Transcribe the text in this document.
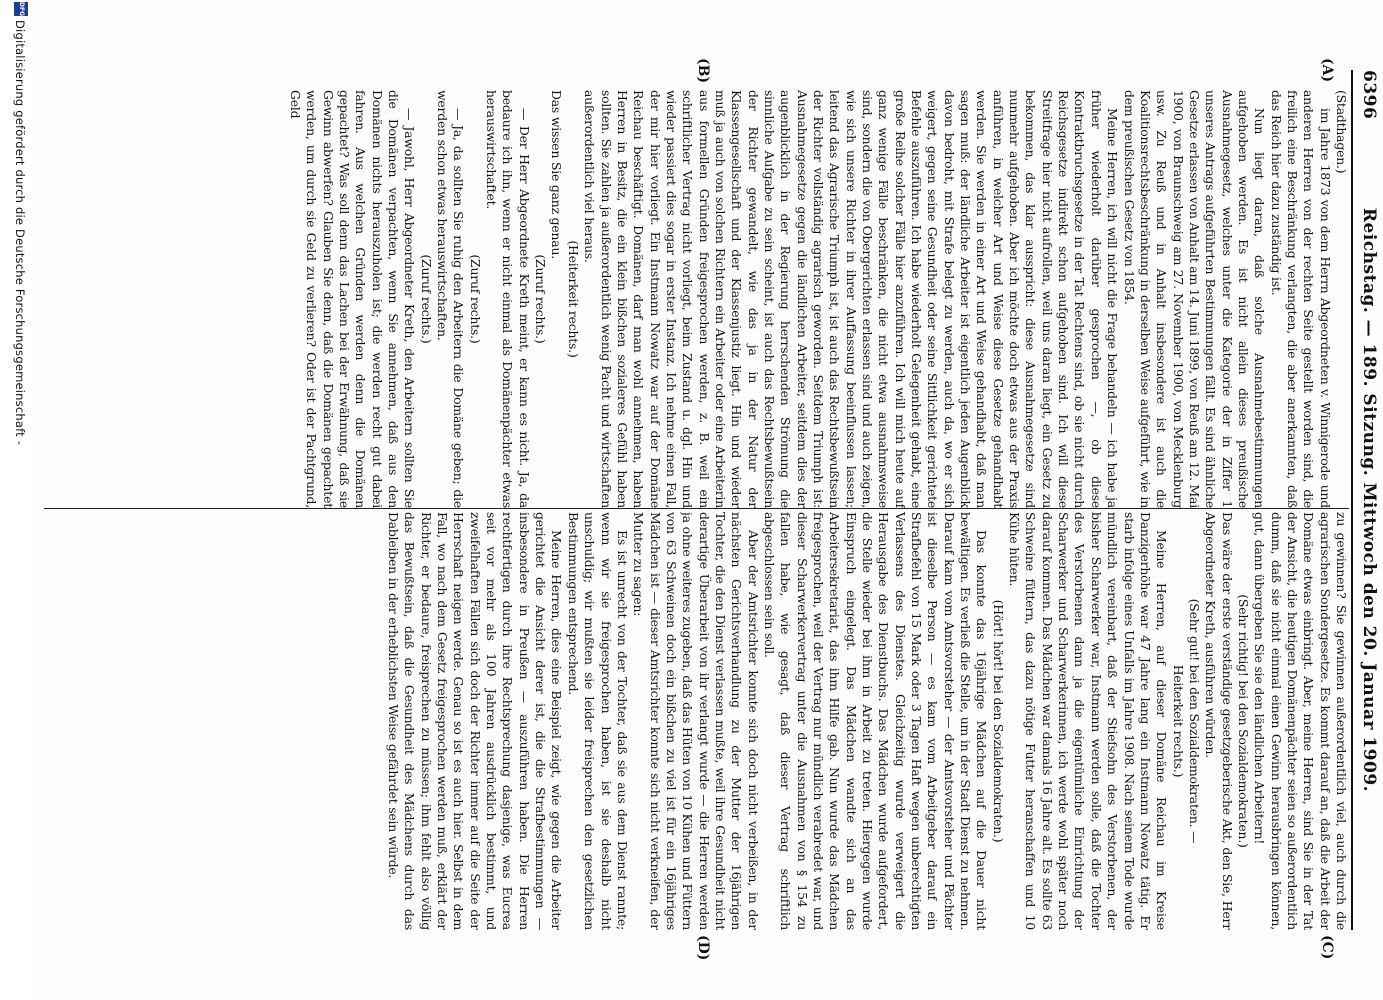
6396
Reichstag. — 189. Sitzung. Mittwoch den 20. Januar 1909.

(Stadthagen.)

im Jahre 1873 von dem Herrn Abgeordneten v. Winnigerode und anderen Herren von der rechten Seite gestellt worden sind, die freilich eine Beschränkung verlangten, die aber anerkannten, daß das Reich hier dazu zuständig ist.

Nun liegt daran, daß solche Ausnahmebestimmungen aufgehoben werden. Es ist nicht allein dieses preußische Ausnahmegesetz, welches unter die Kategorie der in Ziffer 1 unseres Antrags aufgeführten Bestimmungen fällt. Es sind ähnliche Gesetze erlassen von Anhalt am 14. Juni 1899, von Reuß am 12. Mai 1900, von Braunschweig am 27. November 1900, von Mecklenburg usw. Zu Reuß und in Anhalt insbesondere ist auch die Koalitionsrechtsbeschränkung in derselben Weise aufgeführt, wie in dem preußischen Gesetz von 1854.

Meine Herren, ich will nicht die Frage behandeln — ich habe ja früher wiederholt darüber gesprochen —, ob diese Kontraktbruchsgesetze in der Tat Rechtens sind, ob sie nicht durch Reichsgesetze indirekt schon aufgehoben sind. Ich will diese Streitfrage hier nicht aufrollen, weil uns daran liegt, ein Gesetz zu bekommen, das klar ausspricht: diese Ausnahmegesetze sind nunmehr aufgehoben. Aber ich möchte doch etwas aus der Praxis anführen, in welcher Art und Weise diese Gesetze gehandhabt werden. Sie werden in einer Art und Weise gehandhabt, daß man sagen muß: der ländliche Arbeiter ist eigentlich jeden Augenblick davon bedroht, mit Strafe belegt zu werden, auch da, wo er sich weigert, gegen seine Gesundheit oder seine Sittlichkeit gerichtete Befehle auszuführen. Ich habe wiederholt Gelegenheit gehabt, eine große Reihe solcher Fälle hier anzuführen. Ich will mich heute auf ganz wenige Fälle beschränken, die nicht etwa ausnahmsweise sind, sondern die von Obergerichten erlassen sind und auch zeigen, wie sich unsere Richter in ihrer Auffassung beeinflussen lassen; leitend das Agrarische Triumph ist, ist auch das Rechtsbewußtsein der Richter vollständig agrarisch geworden. Seitdem Triumph ist: Ausnahmegesetze gegen die ländlichen Arbeiter, seitdem dies der augenblicklich in der Regierung herrschenden Strömung die sinnliche Aufgabe zu sein scheint, ist auch das Rechtsbewußtsein der Richter gewandelt, wie das ja in der Natur der Klassengesellschaft und der Klassenjustiz liegt. Hin und wieder muß ja auch von solchen Richtern ein Arbeiter oder eine Arbeiterin aus formellen Gründen freigesprochen werden, z. B. weil ein schriftlicher Vertrag nicht vorliegt, beim Zustand u. dgl. Hin und wieder passiert dies sogar in erster Instanz. Ich nehme einen Fall, der mir hier vorliegt. Ein Instmann Nowatz war auf der Domäne Reichau beschäftigt. Domänen, darf man wohl annehmen, haben Herren in Besitz, die ein klein bißchen sozialeres Gefühl haben sollten. Sie zahlen ja außerordentlich wenig Pacht und wirtschaften außerordentlich viel heraus.

(Heiterkeit rechts.)

Das wissen Sie ganz genau.

(Zuruf rechts.)

— Der Herr Abgeordnete Kreth meint, er kann es nicht. Ja, da bedaure ich ihn, wenn er nicht einmal als Domänenpächter etwas herauswirtschaftet.

(Zuruf rechts.)

— Ja, da sollten Sie ruhig den Arbeitern die Domäne geben; die werden schon etwas herauswirtschaften.

(Zuruf rechts.)

— Jawohl, Herr Abgeordneter Kreth, den Arbeitern sollten Sie die Domänen verpachten, wenn Sie annehmen, daß aus den Domänen nichts herauszuholen ist; die werden recht gut dabei fahren. Aus welchen Gründen werden denn die Domänen gepachtet? Was soll denn das Lachen bei der Erwähnung, daß sie Gewinn abwerfen? Glauben Sie denn, daß die Domänen gepachtet werden, um durch sie Geld zu verlieren? Oder ist der Pachtgrund, Geld

zu gewinnen? Sie gewinnen außerordentlich viel, auch durch die agrarischen Sondergesetze. Es kommt darauf an, daß die Arbeit der Domäne etwas einbringt. Aber, meine Herren, sind Sie in der Tat der Ansicht, die heutigen Domänenpächter seien so außerordentlich dumm, daß sie nicht einmal einen Gewinn herausbringen können, gut, dann übergeben Sie sie den ländlichen Arbeitern!

(Sehr richtig! bei den Sozialdemokraten.)

Das wäre der erste verständige gesetzgeberische Akt, den Sie, Herr Abgeordneter Kreth, ausführen würden.

(Sehr gut! bei den Sozialdemokraten. —

Heiterkeit rechts.)

Meine Herren, auf dieser Domäne Reichau im Kreise Danzigerhöhe war 47 Jahre lang ein Instmann Nowatz tätig. Er starb infolge eines Unfalls im Jahre 1908. Nach seinem Tode wurde mündlich vereinbart, daß der Stiefsohn des Verstorbenen, der bisher Scharwerker war, Instmann werden solle, daß die Tochter des Verstorbenen dann ja die eigentümliche Einrichtung der Scharwerker und Scharwerkerinnen, ich werde wohl später noch darauf kommen. Das Mädchen war damals 16 Jahre alt. Es sollte 63 Schweine füttern, das dazu nötige Futter heranschaffen und 10 Kühe hüten.

(Hört! hört! bei den Sozialdemokraten.)

Das konnte das 16jährige Mädchen auf die Dauer nicht bewältigen. Es verließ die Stelle, um in der Stadt Dienst zu nehmen. Darauf kam vom Amtsvorsteher — der Amtsvorsteher und Pächter ist dieselbe Person — es kam vom Arbeitgeber darauf ein Strafbefehl von 15 Mark oder 3 Tagen Haft wegen unberechtigten Verlassens des Dienstes. Gleichzeitig wurde verweigert die Herausgabe des Dienstbuchs. Das Mädchen wurde aufgefordert, die Stelle wieder bei ihm in Arbeit zu treten. Hiergegen wurde Einspruch eingelegt. Das Mädchen wandte sich an das Arbeitersekretariat, das ihm Hilfe gab. Nun wurde das Mädchen freigesprochen, weil der Vertrag nur mündlich verabredet war, und dieser Scharwerkervertrag unter die Ausnahmen von § 154 zu fallen habe, wie gesagt, daß dieser Vertrag schriftlich abgeschlossen sein soll.

Aber der Amtsrichter konnte sich doch nicht verbeißen, in der nächsten Gerichtsverhandlung zu der Mutter der 16jährigen Tochter, die den Dienst verlassen mußte, weil ihre Gesundheit nicht derartige Überarbeit von ihr verlangt wurde — die Herren werden ja ohne weiteres zugeben, daß das Hüten von 10 Kühen und Füttern von 63 Schweinen doch ein bißchen zu viel ist für ein 16jähriges Mädchen ist — dieser Amtsrichter konnte sich nicht verkneifen, der Mutter zu sagen:

Es ist unrecht von der Tochter, daß sie aus dem Dienst ranntе; wenn wir sie freigesprochen haben, ist sie deshalb nicht unschuldig; wir mußten sie leider freisprechen den gesetzlichen Bestimmungen entsprechend.

Meine Herren, dies eine Beispiel zeigt, wie gegen die Arbeiter gerichtet die Ansicht derer ist, die die Strafbestimmungen — insbesondere in Preußen — auszuführen haben. Die Herren rechtfertigen durch ihre Rechtsprechung dasjenige, was Eucrea seit vor mehr als 100 Jahren ausdrücklich bestimmt, und zweifelhaften Fällen sich doch der Richter immer auf die Seite der Herrschaft neigen werde. Genau so ist es auch hier. Selbst in dem Fall, wo nach dem Gesetz freigesprochen werden muß, erklärt der Richter, er bedaure, freisprechen zu müssen; ihm fehlt also völlig das Bewußtsein, daß die Gesundheit des Mädchens durch das Dableiben in der erheblichsten Weise gefährdet sein würde.

(A)
(B)
(C)
(D)
DFG
Digitalisierung gefördert durch die Deutsche Forschungsgemeinschaft -
